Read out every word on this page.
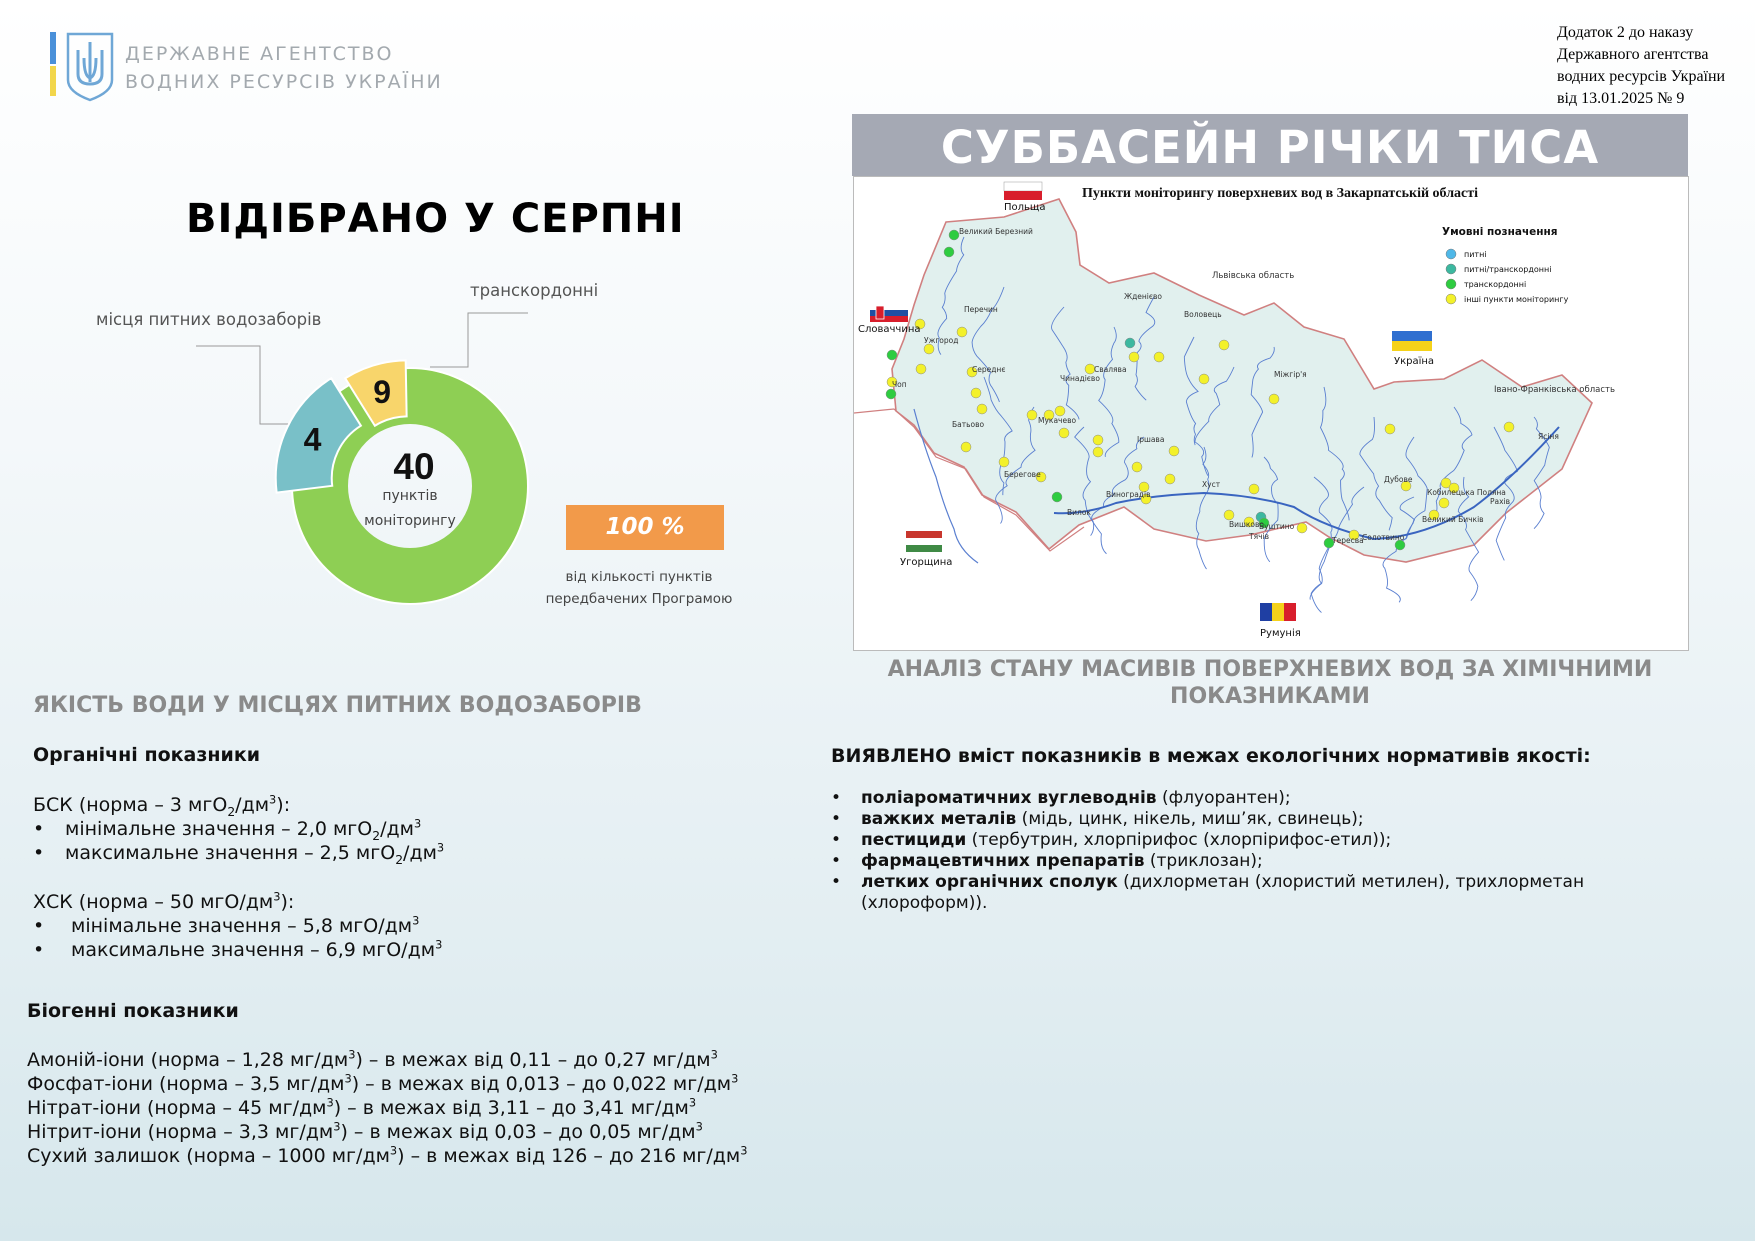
ДЕРЖАВНЕ АГЕНТСТВО
ВОДНИХ РЕСУРСІВ УКРАЇНИ
Додаток 2 до наказу
Державного агентства
водних ресурсів України
від 13.01.2025 № 9
ВІДІБРАНО У СЕРПНІ
місця питних водозаборів
транскордонні
4
9
40
пунктів
моніторингу	100 %
від кількості пунктів
передбачених Програмою
СУББАСЕЙН РІЧКИ ТИСА
Пункти моніторингу поверхневих вод в Закарпатській області
Умовні позначення
питні
питні/транскордонні
транскордонні
інші пункти моніторингу
Польща
Словаччина
Україна
Угорщина
Румунія
Львівська область
Івано-Франківська область
Великий Березний
Перечин
Ужгород
Чоп
Середнє
Батьово
Берегове
Вилок
Мукачево
Чинадієво
Свалява
Жденієво
Воловець
Міжгір'я
Іршава
Виноградів
Хуст
Вишково
Буштино
Тячів	Тересва
Солотвино
Дубове
Великий Бичків
Кобилецька Поляна
Рахів
Ясіня
АНАЛІЗ СТАНУ МАСИВІВ ПОВЕРХНЕВИХ ВОД ЗА ХІМІЧНИМИ
ПОКАЗНИКАМИ
ЯКІСТЬ ВОДИ У МІСЦЯХ ПИТНИХ ВОДОЗАБОРІВ
Органічні показники
БСК (норма – 3 $мгО_2/дм^3$):
•	мінімальне значення – 2,0 $мгО_2/дм^3$
•	максимальне значення – 2,5 $мгО_2/дм^3$
ХСК (норма – 50 мгО/$дм^3$):
•	мінімальне значення – 5,8 мгО/$дм^3$
•	максимальне значення – 6,9 мгО/$дм^3$
Біогенні показники
Амоній-іони (норма – 1,28 $мг/дм^3$) – в межах від 0,11 – до 0,27 $мг/дм^3$
Фосфат-іони (норма – 3,5 $мг/дм^3$) – в межах від 0,013 – до 0,022 $мг/дм^3$
Нітрат-іони (норма – 45 $мг/дм^3$) – в межах від 3,11 – до 3,41 $мг/дм^3$
Нітрит-іони (норма – 3,3 $мг/дм^3$) – в межах від 0,03 – до 0,05 $мг/дм^3$
Сухий залишок (норма – 1000 $мг/дм^3$) – в межах від 126 – до 216 $мг/дм^3$
ВИЯВЛЕНО вміст показників в межах екологічних нормативів якості:
•	поліароматичних вуглеводнів (флуорантен);
•	важких металів (мідь, цинк, нікель, миш’як, свинець);
•	пестициди (тербутрин, хлорпірифос (хлорпірифос-етил));
•	фармацевтичних препаратів (триклозан);
•	летких органічних сполук (дихлорметан (хлористий метилен), трихлорметан (хлороформ)).
